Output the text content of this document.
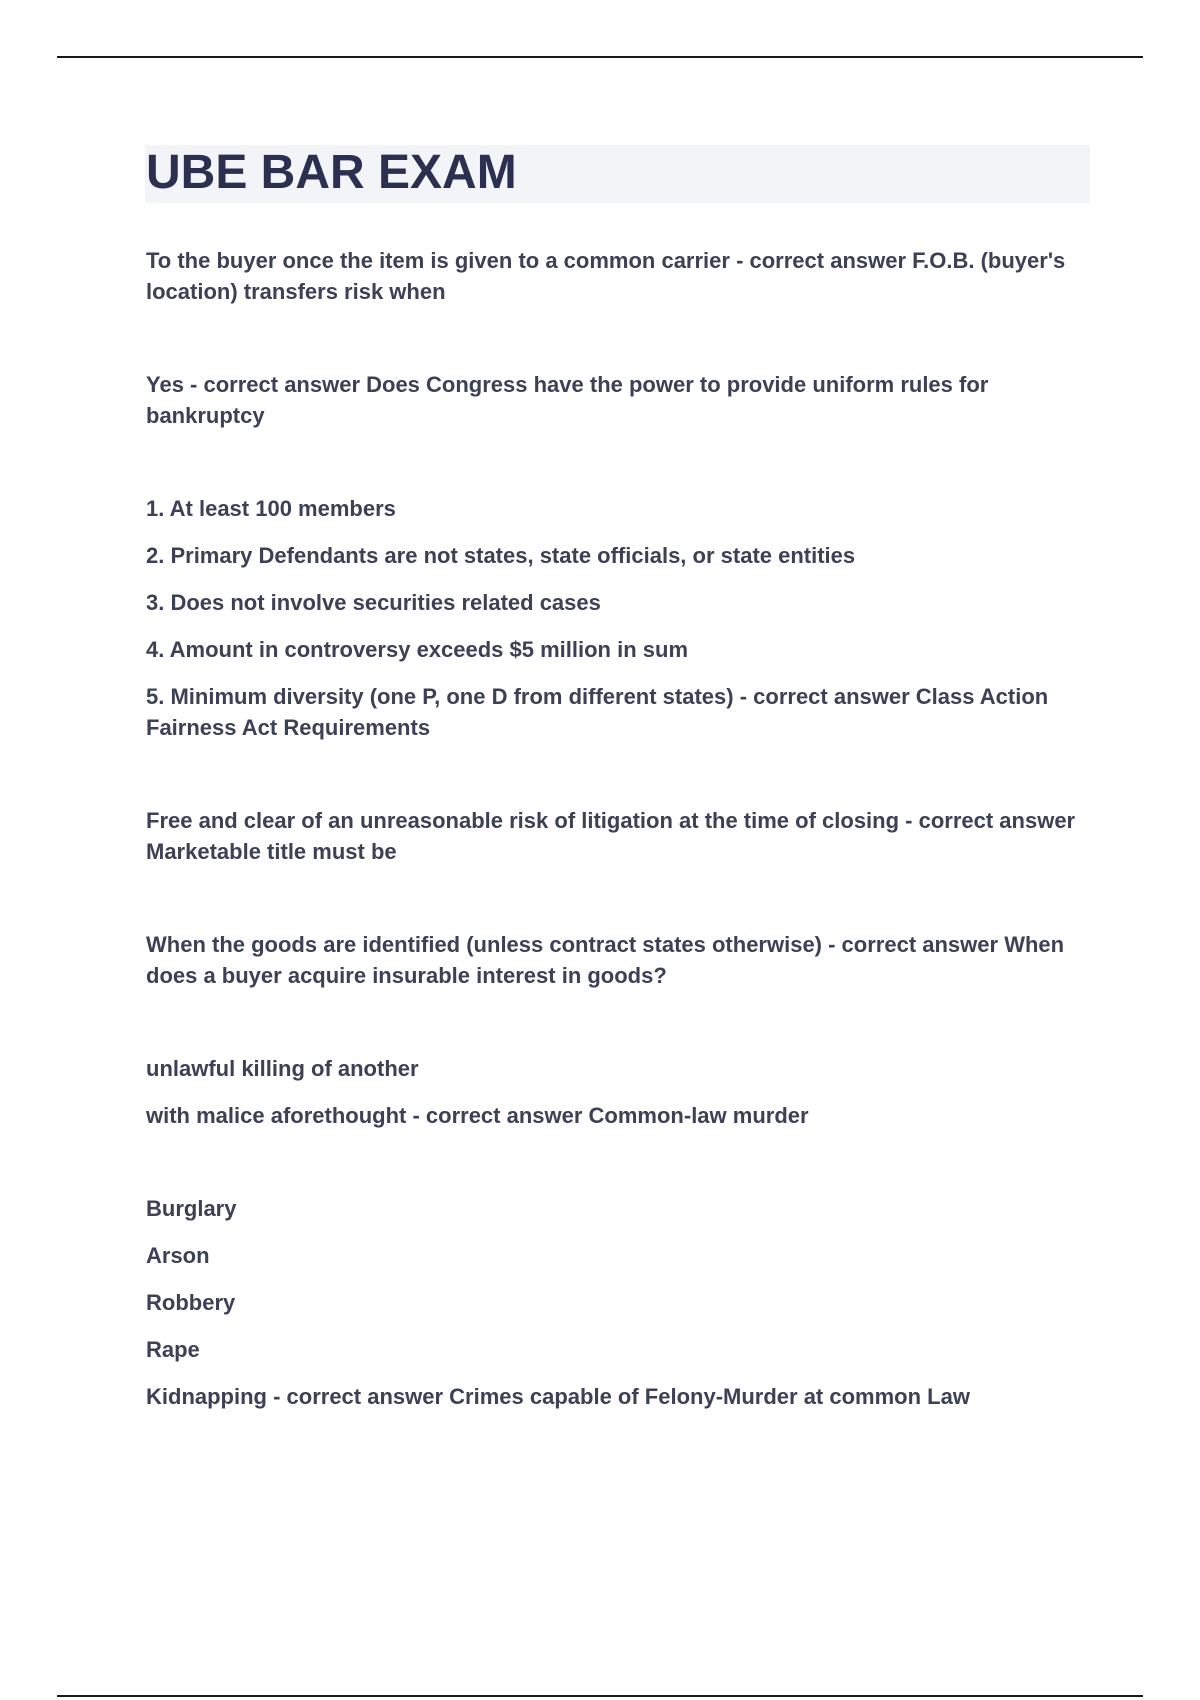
UBE BAR EXAM

To the buyer once the item is given to a common carrier - correct answer F.O.B. (buyer's location) transfers risk when

Yes - correct answer Does Congress have the power to provide uniform rules for bankruptcy

1. At least 100 members

2. Primary Defendants are not states, state officials, or state entities

3. Does not involve securities related cases

4. Amount in controversy exceeds $5 million in sum

5. Minimum diversity (one P, one D from different states) - correct answer Class Action Fairness Act Requirements

Free and clear of an unreasonable risk of litigation at the time of closing - correct answer Marketable title must be

When the goods are identified (unless contract states otherwise) - correct answer When does a buyer acquire insurable interest in goods?

unlawful killing of another

with malice aforethought - correct answer Common-law murder

Burglary

Arson

Robbery

Rape

Kidnapping - correct answer Crimes capable of Felony-Murder at common Law
